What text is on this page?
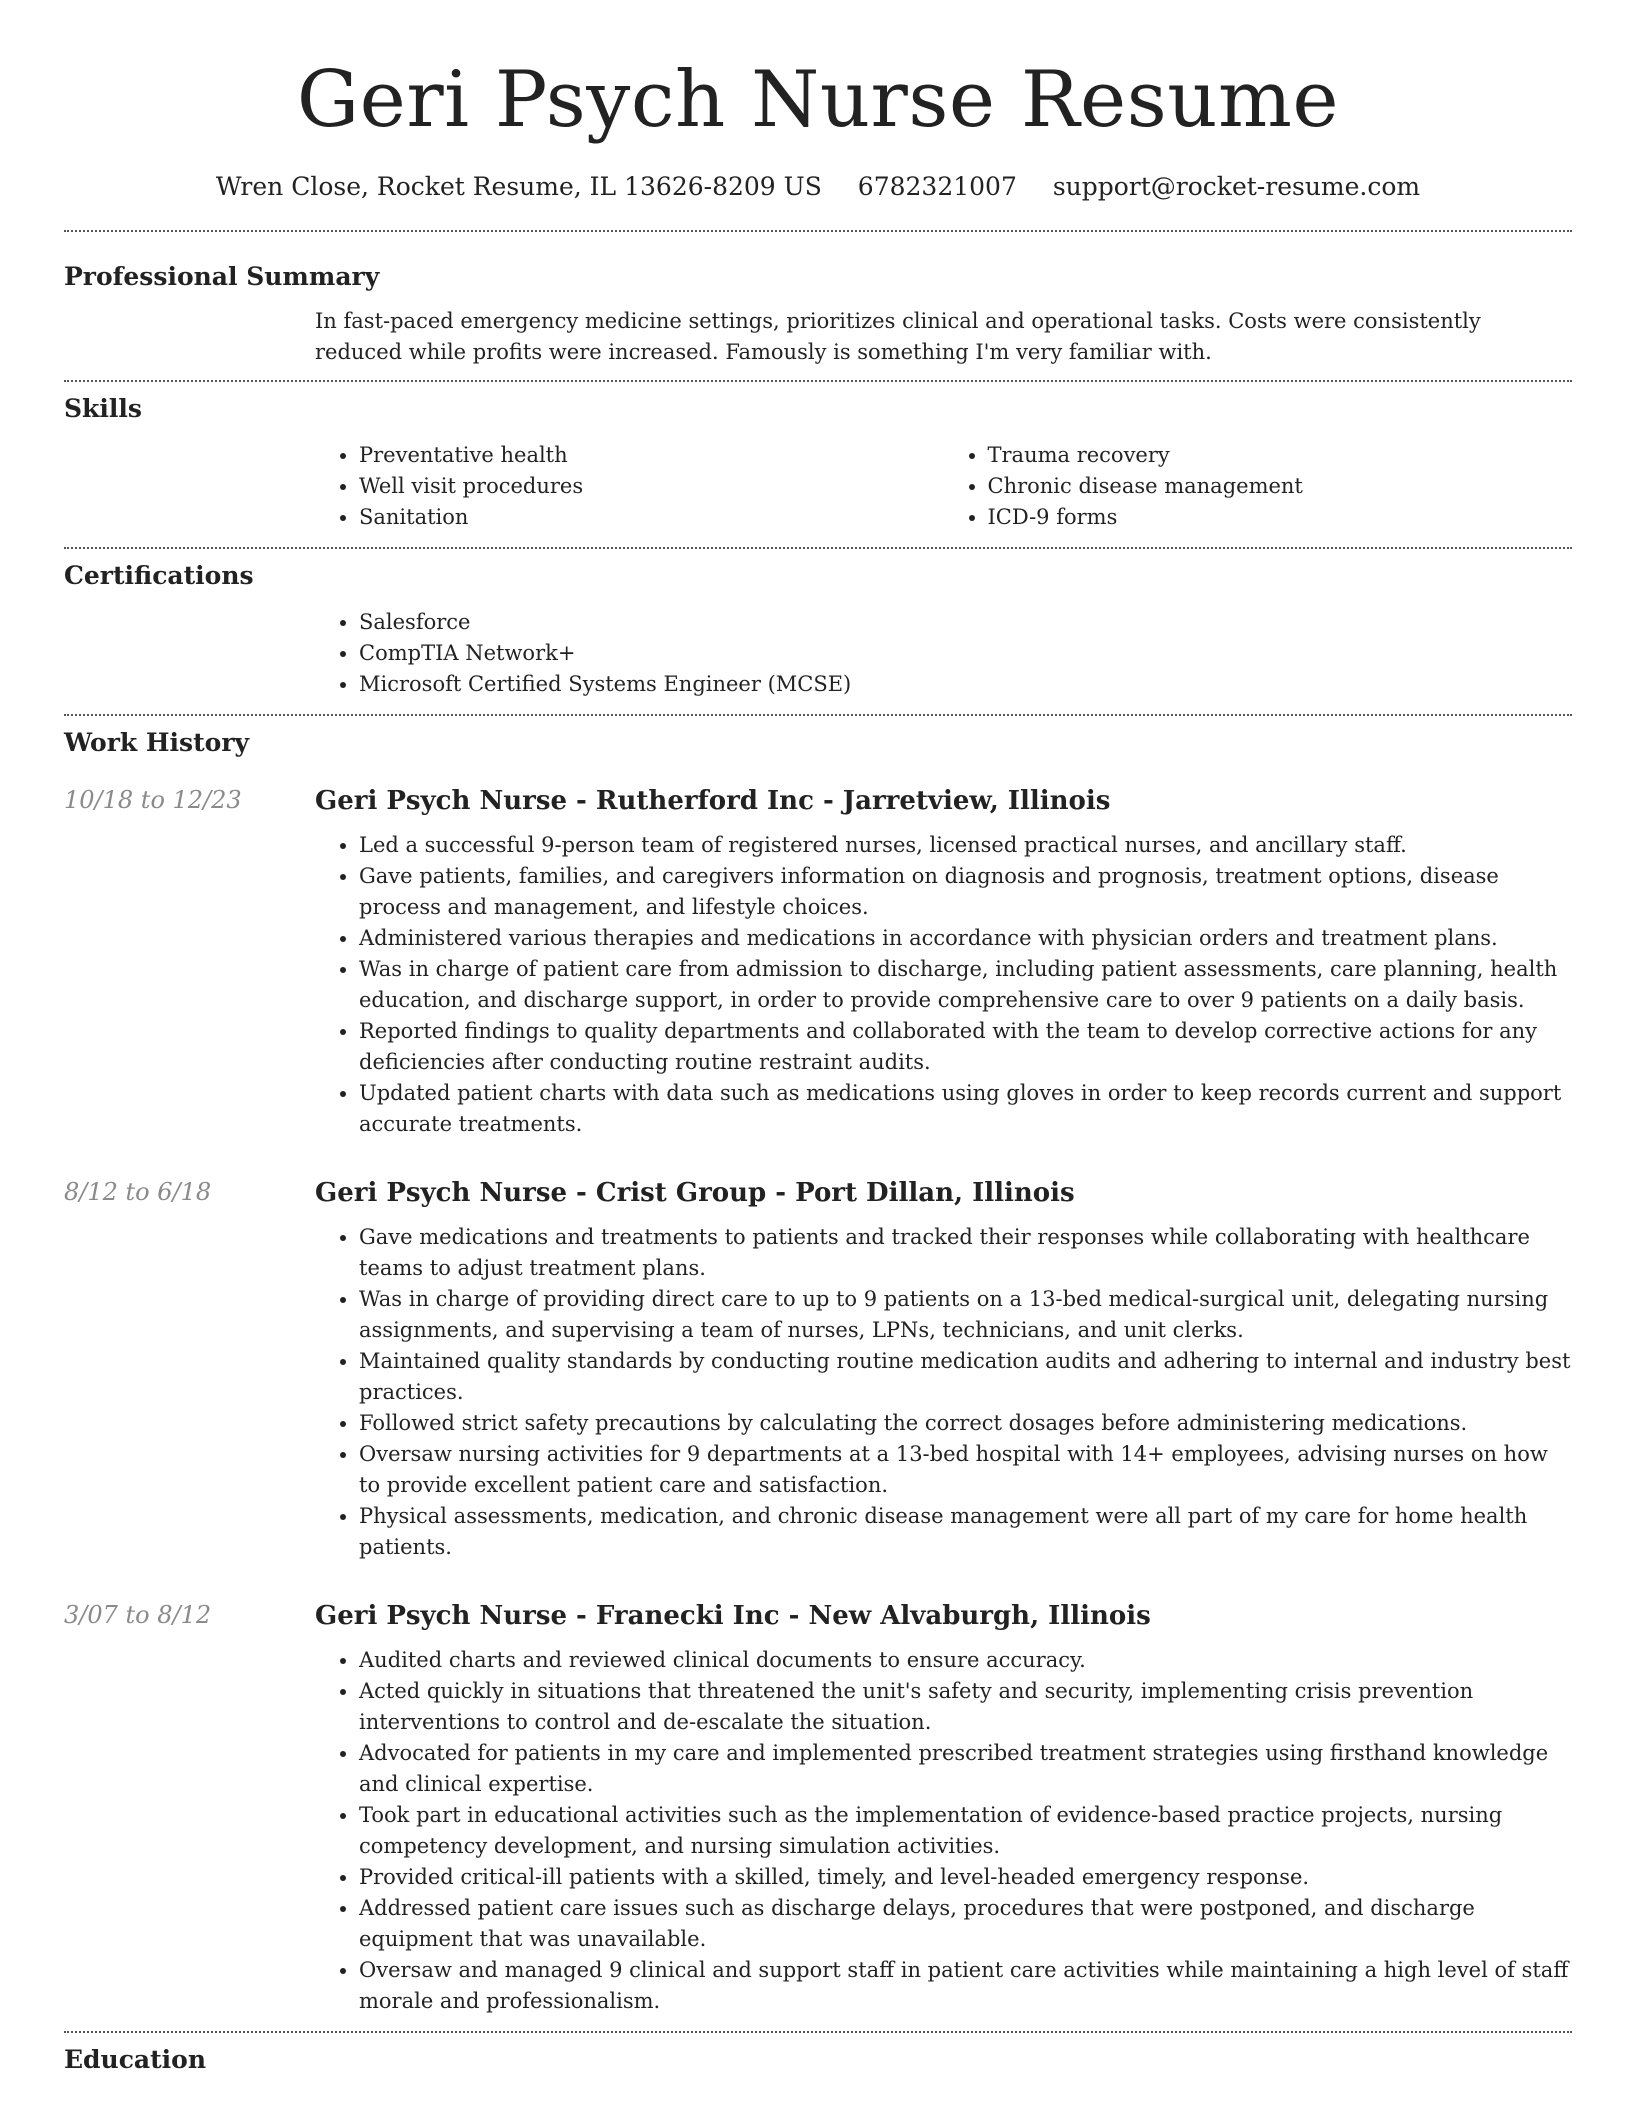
Geri Psych Nurse Resume
Wren Close, Rocket Resume, IL 13626-8209 US 6782321007 support@rocket-resume.com
Professional Summary
In fast-paced emergency medicine settings, prioritizes clinical and operational tasks. Costs were consistently reduced while profits were increased. Famously is something I'm very familiar with.
Skills
• Preventative health
• Well visit procedures
• Sanitation
• Trauma recovery
• Chronic disease management
• ICD-9 forms
Certifications
• Salesforce
• CompTIA Network+
• Microsoft Certified Systems Engineer (MCSE)
Work History
10/18 to 12/23	Geri Psych Nurse - Rutherford Inc - Jarretview, Illinois
• Led a successful 9-person team of registered nurses, licensed practical nurses, and ancillary staff.
• Gave patients, families, and caregivers information on diagnosis and prognosis, treatment options, disease process and management, and lifestyle choices.
• Administered various therapies and medications in accordance with physician orders and treatment plans.
• Was in charge of patient care from admission to discharge, including patient assessments, care planning, health education, and discharge support, in order to provide comprehensive care to over 9 patients on a daily basis.
• Reported findings to quality departments and collaborated with the team to develop corrective actions for any deficiencies after conducting routine restraint audits.
• Updated patient charts with data such as medications using gloves in order to keep records current and support accurate treatments.
8/12 to 6/18	Geri Psych Nurse - Crist Group - Port Dillan, Illinois
• Gave medications and treatments to patients and tracked their responses while collaborating with healthcare teams to adjust treatment plans.
• Was in charge of providing direct care to up to 9 patients on a 13-bed medical-surgical unit, delegating nursing assignments, and supervising a team of nurses, LPNs, technicians, and unit clerks.
• Maintained quality standards by conducting routine medication audits and adhering to internal and industry best practices.
• Followed strict safety precautions by calculating the correct dosages before administering medications.
• Oversaw nursing activities for 9 departments at a 13-bed hospital with 14+ employees, advising nurses on how to provide excellent patient care and satisfaction.
• Physical assessments, medication, and chronic disease management were all part of my care for home health patients.
3/07 to 8/12	Geri Psych Nurse - Franecki Inc - New Alvaburgh, Illinois
• Audited charts and reviewed clinical documents to ensure accuracy.
• Acted quickly in situations that threatened the unit's safety and security, implementing crisis prevention interventions to control and de-escalate the situation.
• Advocated for patients in my care and implemented prescribed treatment strategies using firsthand knowledge and clinical expertise.
• Took part in educational activities such as the implementation of evidence-based practice projects, nursing competency development, and nursing simulation activities.
• Provided critical-ill patients with a skilled, timely, and level-headed emergency response.
• Addressed patient care issues such as discharge delays, procedures that were postponed, and discharge equipment that was unavailable.
• Oversaw and managed 9 clinical and support staff in patient care activities while maintaining a high level of staff morale and professionalism.
Education
